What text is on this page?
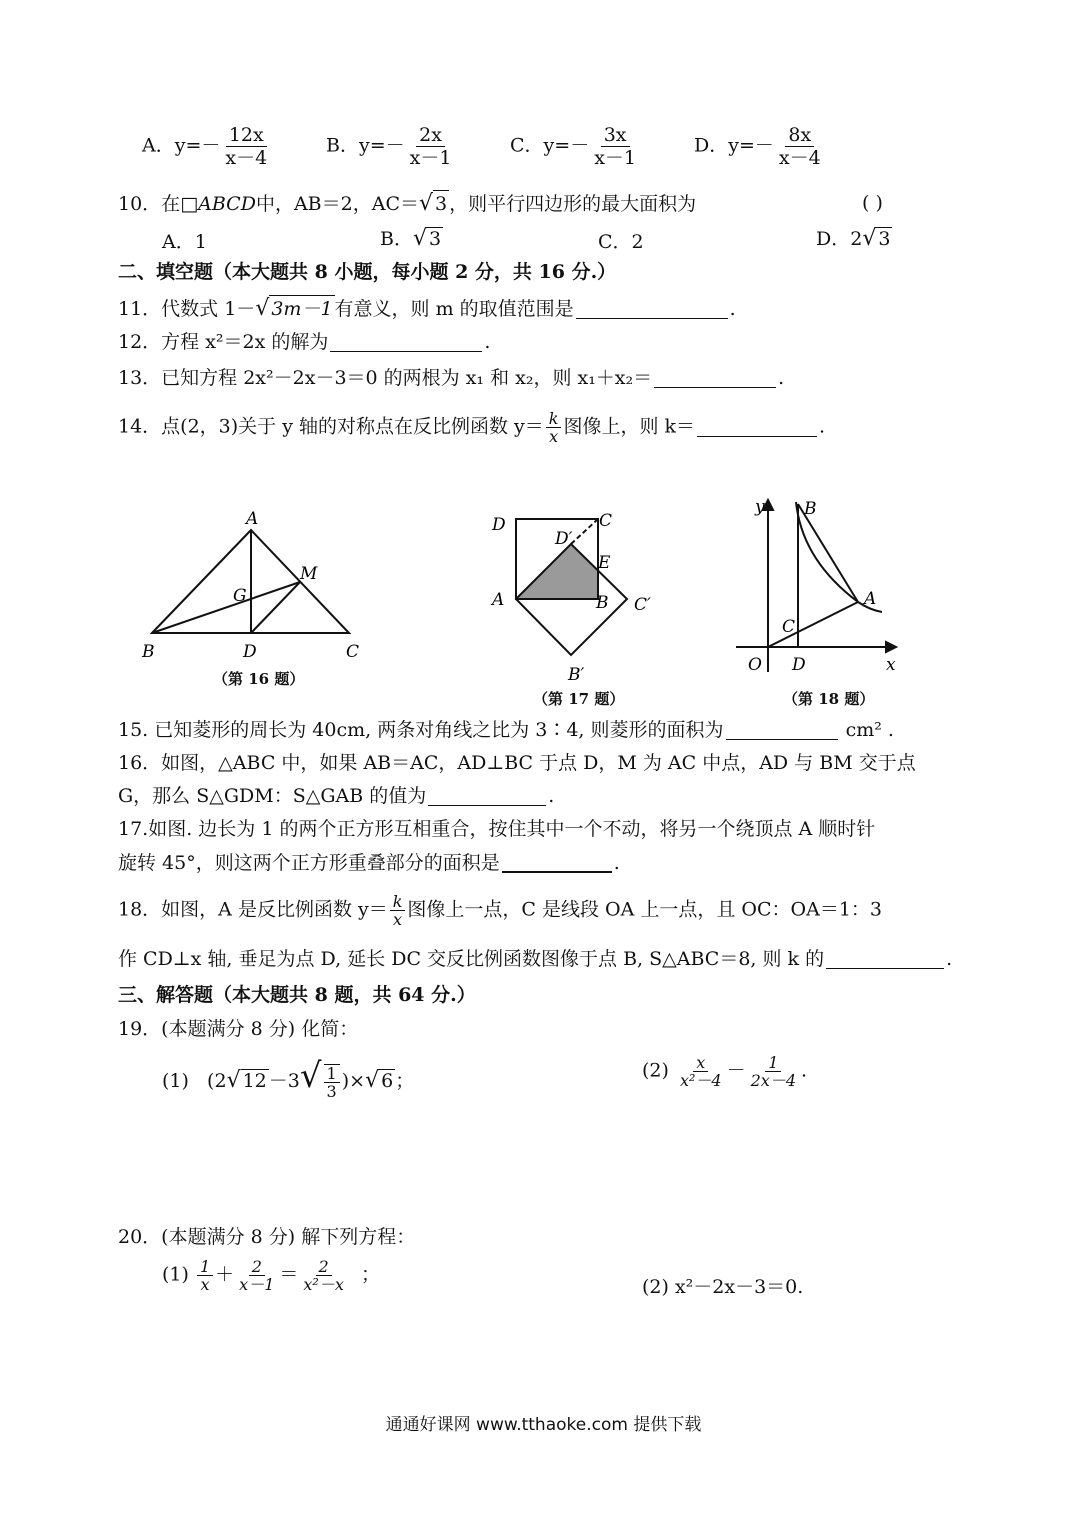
A．$y=- \frac{12x}{x-4}$	B．$y=- \frac{2x}{x-1}$	C．$y=- \frac{3x}{x-1}$	D．$y=- \frac{8x}{x-4}$
10．在□ABCD中，AB＝2，AC＝√ 3 ，则平行四边形的最大面积为	( )
A．1	B．√ 3	C．2	D．2√ 3
二、填空题（本大题共 8 小题，每小题 2 分，共 16 分.）
11．代数式 1－√ 3m－1 有意义，则 m 的取值范围是	.
12．方程 x²＝2x 的解为	.
13．已知方程 2x²－2x－3＝0 的两根为 x₁ 和 x₂，则 x₁＋x₂＝	.
14．点(2，3)关于 y 轴的对称点在反比例函数 $y= \frac{k}{x}$ 图像上，则 k＝	.
A
B	C
D
G
M
（第 16 题）
D	C
D′
E
A	B C′
B′
（第 17 题）
y B
A
C
O D	x
（第 18 题）
15. 已知菱形的周长为 40cm, 两条对角线之比为 3∶4, 则菱形的面积为	cm² .
16．如图，△ABC 中，如果 AB＝AC，AD⊥BC 于点 D，M 为 AC 中点，AD 与 BM 交于点
G，那么 S△GDM：S△GAB 的值为	.
17.如图. 边长为 1 的两个正方形互相重合，按住其中一个不动，将另一个绕顶点 A 顺时针
旋转 45°，则这两个正方形重叠部分的面积是	.
18．如图，A 是反比例函数 $y= \frac{k}{x}$ 图像上一点，C 是线段 OA 上一点，且 OC：OA＝1：3
作 CD⊥x 轴, 垂足为点 D, 延长 DC 交反比例函数图像于点 B, S△ABC＝8, 则 k 的	.
三、解答题（本大题共 8 题，共 64 分.）
19．(本题满分 8 分) 化简：
(1) (2√ $12 -3√ \frac{1}{3}$ )×√ 6 ；	$(2) \frac{x}{\text{x²－4}} - \frac{1}{2x-4}$ .
20．(本题满分 8 分) 解下列方程：
$(1) \frac{1}{x} + \frac{2}{x-1} = \frac{2}{\text{x²－x}}$ ；
(2) x²－2x－3＝0.
通通好课网 www.tthaoke.com 提供下载
